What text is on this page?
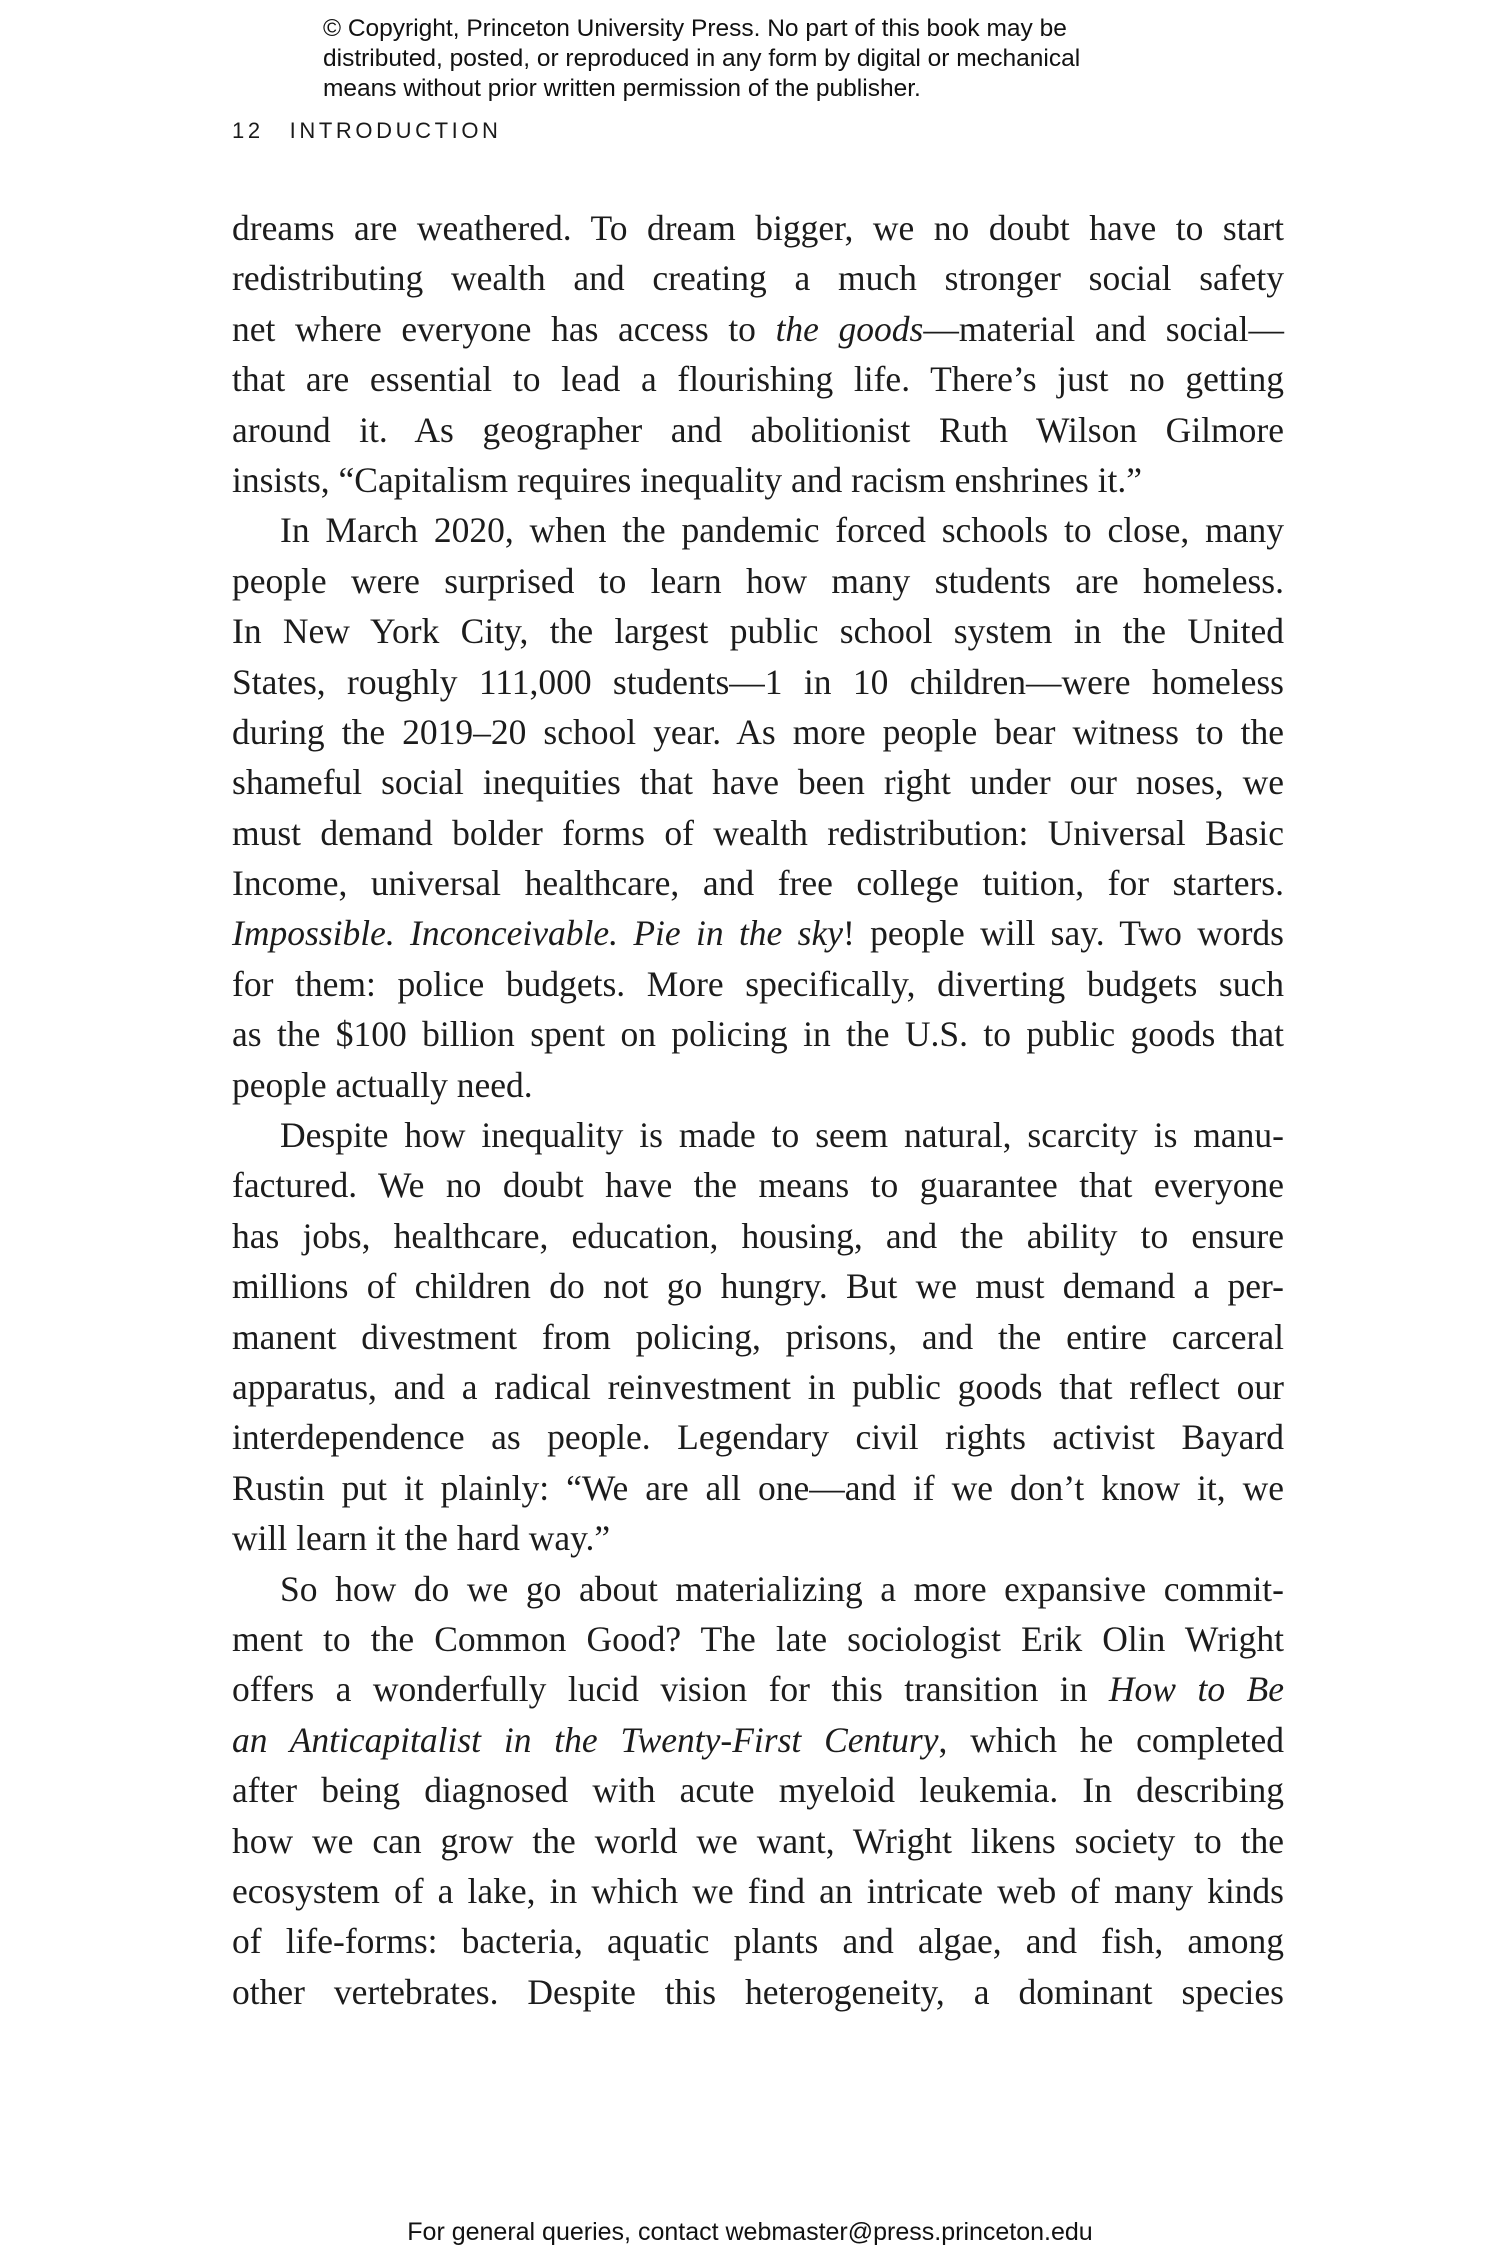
© Copyright, Princeton University Press. No part of this book may be
distributed, posted, or reproduced in any form by digital or mechanical
means without prior written permission of the publisher.
12 INTRODUCTION
dreams are weathered. To dream bigger, we no doubt have to start
redistributing wealth and creating a much stronger social safety
net where everyone has access to the goods—material and social—
that are essential to lead a flourishing life. There’s just no getting
around it. As geographer and abolitionist Ruth Wilson Gilmore
insists, “Capitalism requires inequality and racism enshrines it.”
In March 2020, when the pandemic forced schools to close, many
people were surprised to learn how many students are homeless.
In New York City, the largest public school system in the United
States, roughly 111,000 students—1 in 10 children—were homeless
during the 2019–20 school year. As more people bear witness to the
shameful social inequities that have been right under our noses, we
must demand bolder forms of wealth redistribution: Universal Basic
Income, universal healthcare, and free college tuition, for starters.
Impossible. Inconceivable. Pie in the sky! people will say. Two words
for them: police budgets. More specifically, diverting budgets such
as the $100 billion spent on policing in the U.S. to public goods that
people actually need.
Despite how inequality is made to seem natural, scarcity is manu-
factured. We no doubt have the means to guarantee that everyone
has jobs, healthcare, education, housing, and the ability to ensure
millions of children do not go hungry. But we must demand a per-
manent divestment from policing, prisons, and the entire carceral
apparatus, and a radical reinvestment in public goods that reflect our
interdependence as people. Legendary civil rights activist Bayard
Rustin put it plainly: “We are all one—and if we don’t know it, we
will learn it the hard way.”
So how do we go about materializing a more expansive commit-
ment to the Common Good? The late sociologist Erik Olin Wright
offers a wonderfully lucid vision for this transition in How to Be
an Anticapitalist in the Twenty-First Century, which he completed
after being diagnosed with acute myeloid leukemia. In describing
how we can grow the world we want, Wright likens society to the
ecosystem of a lake, in which we find an intricate web of many kinds
of life-forms: bacteria, aquatic plants and algae, and fish, among
other vertebrates. Despite this heterogeneity, a dominant species
For general queries, contact webmaster@press.princeton.edu
